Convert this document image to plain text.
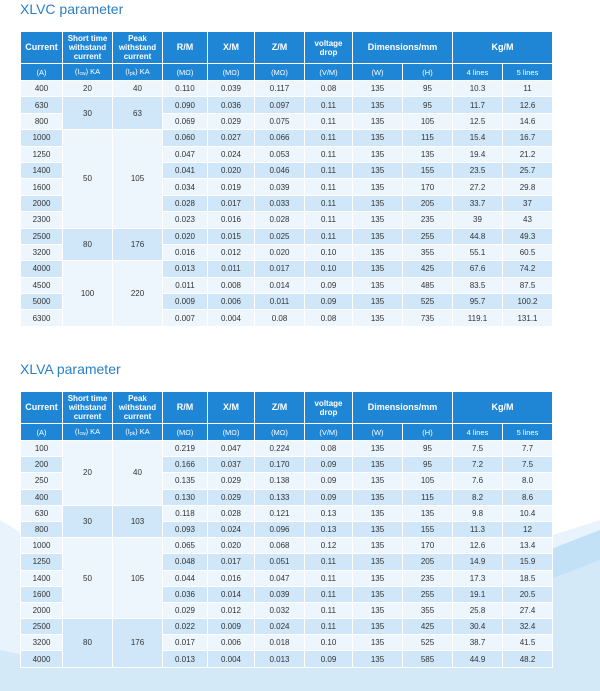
XLVC parameter
Current	Short time withstand current	Peak withstand current	R/M	X/M	Z/M	voltage drop	Dimensions/mm		Kg/M	
(A)	$(I_{cw})$ KA	$(I_{pk})$ KA	(MΩ)	(MΩ)	(MΩ)	(V/M)	(W)	(H)	4 lines	5 lines
400	20	40	0.110	0.039	0.117	0.08	135	95	10.3	11
630	30	63	0.090	0.036	0.097	0.11	135	95	11.7	12.6
800			0.069	0.029	0.075	0.11	135	105	12.5	14.6
1000	50	105	0.060	0.027	0.066	0.11	135	115	15.4	16.7
1250			0.047	0.024	0.053	0.11	135	135	19.4	21.2
1400			0.041	0.020	0.046	0.11	135	155	23.5	25.7
1600			0.034	0.019	0.039	0.11	135	170	27.2	29.8
2000			0.028	0.017	0.033	0.11	135	205	33.7	37
2300			0.023	0.016	0.028	0.11	135	235	39	43
2500	80	176	0.020	0.015	0.025	0.11	135	255	44.8	49.3
3200			0.016	0.012	0.020	0.10	135	355	55.1	60.5
4000	100	220	0.013	0.011	0.017	0.10	135	425	67.6	74.2
4500			0.011	0.008	0.014	0.09	135	485	83.5	87.5
5000			0.009	0.006	0.011	0.09	135	525	95.7	100.2
6300			0.007	0.004	0.08	0.08	135	735	119.1	131.1
XLVA parameter
Current	Short time withstand current	Peak withstand current	R/M	X/M	Z/M	voltage drop	Dimensions/mm		Kg/M	
(A)	$(I_{cw})$ KA	$(I_{pk})$ KA	(MΩ)	(MΩ)	(MΩ)	(V/M)	(W)	(H)	4 lines	5 lines
100	20	40	0.219	0.047	0.224	0.08	135	95	7.5	7.7
200			0.166	0.037	0.170	0.09	135	95	7.2	7.5
250			0.135	0.029	0.138	0.09	135	105	7.6	8.0
400			0.130	0.029	0.133	0.09	135	115	8.2	8.6
630	30	103	0.118	0.028	0.121	0.13	135	135	9.8	10.4
800			0.093	0.024	0.096	0.13	135	155	11.3	12
1000	50	105	0.065	0.020	0.068	0.12	135	170	12.6	13.4
1250			0.048	0.017	0.051	0.11	135	205	14.9	15.9
1400			0.044	0.016	0.047	0.11	135	235	17.3	18.5
1600			0.036	0.014	0.039	0.11	135	255	19.1	20.5
2000			0.029	0.012	0.032	0.11	135	355	25.8	27.4
2500	80	176	0.022	0.009	0.024	0.11	135	425	30.4	32.4
3200			0.017	0.006	0.018	0.10	135	525	38.7	41.5
4000			0.013	0.004	0.013	0.09	135	585	44.9	48.2
